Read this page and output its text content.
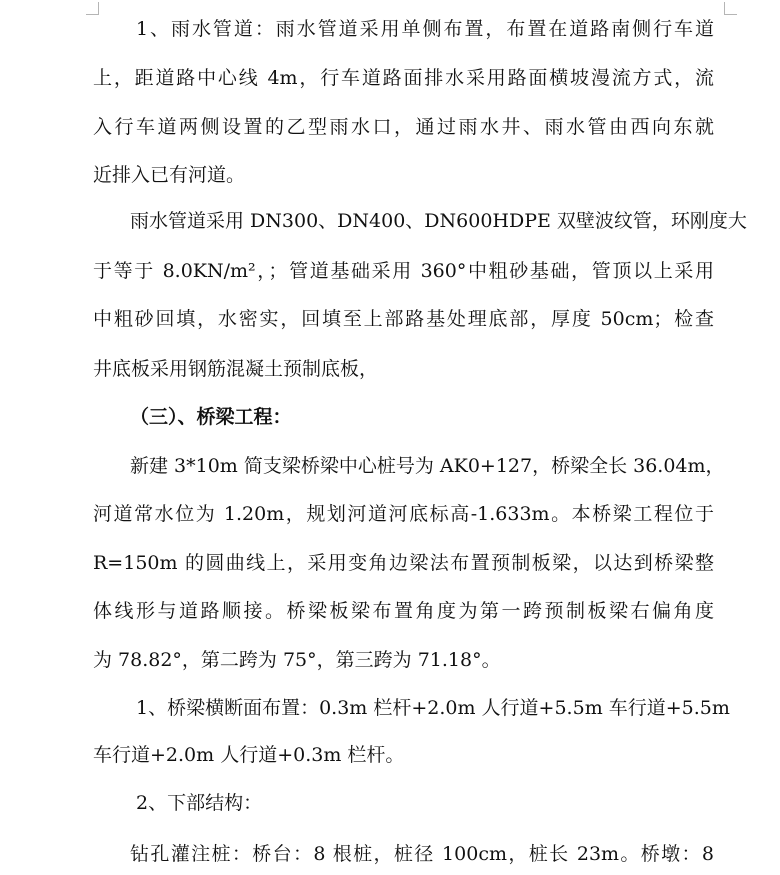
1、雨水管道：雨水管道采用单侧布置，布置在道路南侧行车道
上，距道路中心线 4m，行车道路面排水采用路面横坡漫流方式，流
入行车道两侧设置的乙型雨水口，通过雨水井、雨水管由西向东就
近排入已有河道。
雨水管道采用 DN300、DN400、DN600HDPE 双壁波纹管，环刚度大
于等于 8.0KN/m²，；管道基础采用 360°中粗砂基础，管顶以上采用
中粗砂回填，水密实，回填至上部路基处理底部，厚度 50cm；检查
井底板采用钢筋混凝土预制底板，
（三）、桥梁工程：
新建 3*10m 简支梁桥梁中心桩号为 AK0+127，桥梁全长 36.04m，
河道常水位为 1.20m，规划河道河底标高-1.633m。本桥梁工程位于
R=150m 的圆曲线上，采用变角边梁法布置预制板梁，以达到桥梁整
体线形与道路顺接。桥梁板梁布置角度为第一跨预制板梁右偏角度
为 78.82°，第二跨为 75°，第三跨为 71.18°。
1、桥梁横断面布置：0.3m 栏杆+2.0m 人行道+5.5m 车行道+5.5m
车行道+2.0m 人行道+0.3m 栏杆。
2、下部结构：
钻孔灌注桩：桥台：8 根桩，桩径 100cm，桩长 23m。桥墩：8
